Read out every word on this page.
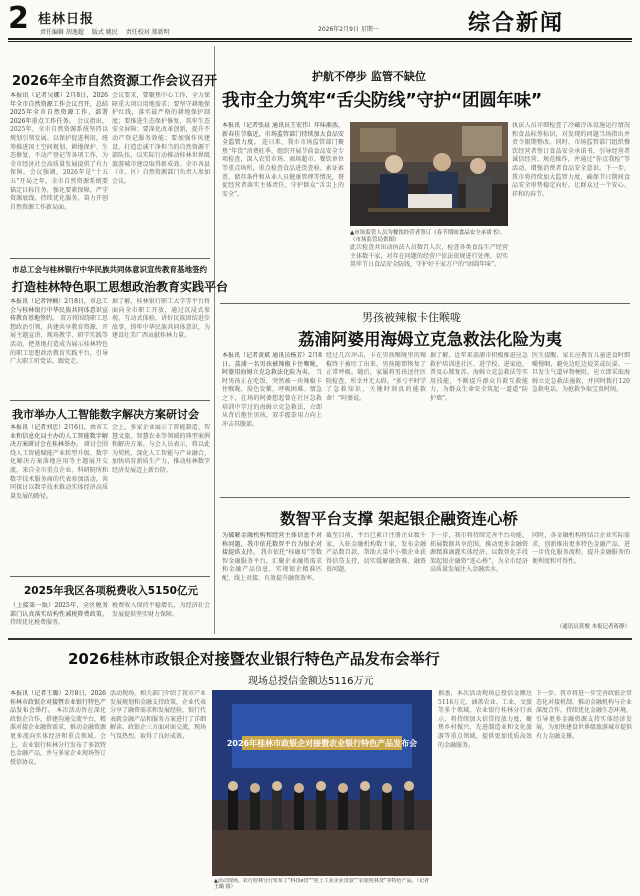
2 桂林日报
责任编辑 胡逸超 版式 姚民 责任校对 郑新明	2026年2月9日 星期一	综合新闻
2026年全市自然资源工作会议召开
本报讯（记者吴娜）2月8日，2026年全市自然资源工作会议召开，总结2025年全市自然资源工作，部署2026年重点工作任务。 会议指出，2025年，全市自然资源系统坚持以规划引领发展、以保护促进利用，统筹推进国土空间规划、耕地保护、生态修复、不动产登记等各项工作，为全市经济社会高质量发展提供了有力保障。会议强调，2026年是“十五五”开局之年，全市自然资源系统要锚定目标任务，强化要素保障，严守资源底线，持续优化服务，奋力开创自然资源工作新局面。
会议要求，要聚焦中心工作，全力保障重大项目用地需求；要坚守耕地保护红线，落实最严格的耕地保护制度；要推进生态保护修复，筑牢生态安全屏障；要深化改革创新，提升不动产登记服务效能；要加强作风建设，打造忠诚干净担当的自然资源干部队伍，以实际行动推动桂林世界级旅游城市建设取得新成效。全市各县（市、区）自然资源部门负责人参加会议。
市总工会与桂林银行中华民族共同体意识宣传教育基地签约
打造桂林特色职工思想政治教育实践平台
本报讯（记者钟楠）2月8日，市总工会与桂林银行中华民族共同体意识宣传教育基地签约。 双方将围绕职工思想政治引领，共建共享教育资源，开展主题宣讲、现场教学、研学实践等活动，把基地打造成为展示桂林特色的职工思想政治教育实践平台，引导广大职工听党话、跟党走。
据了解，桂林银行职工大学等平台将面向全市职工开放，通过沉浸式参观、互动式体验，讲好民族团结进步故事，铸牢中华民族共同体意识，为建设壮美广西贡献桂林力量。
我市举办人工智能数字解决方案研讨会
本报讯（记者刘忠）2月6日，由市工业和信息化局主办的人工智能数字解决方案研讨会在桂林举办。 研讨会围绕人工智能赋能产业转型升级、数字化解决方案落地应用等主题展开交流，来自全市重点企业、科研院所和数字技术服务商的代表参加活动，共同探讨以数字技术推动实体经济高质量发展的路径。
会上，多家企业展示了智能制造、智慧文旅、智慧农业等领域的典型案例和解决方案。与会人员表示，将以此为契机，深化人工智能与产业融合，加快培育新质生产力，推动桂林数字经济发展迈上新台阶。
2025年我区各项税费收入5150亿元
（上接第一版）2025年，全区税务部门认真落实结构性减税降费政策。 持续优化税费服务。
税费收入保持平稳增长，为经济社会发展提供坚实财力保障。
护航不停步 监管不缺位
我市全力筑牢“舌尖防线”守护“团圆年味”
本报讯（记者张晨 通讯员王宏伟）年味渐浓，新春佳节临近，市场监管部门持续加大食品安全监管力度。 连日来，我市市场监管部门聚焦“年货”消费旺季，组织开展节前食品安全专项检查，深入农贸市场、商场超市、餐饮单位等重点场所，重点检查食品进货查验、索证索票、储存条件和从业人员健康管理等情况，督促经营者落实主体责任，守护群众“舌尖上的安全”。
▲市场监管人员为餐饮经营者签订《春节期间食品安全承诺书》。（市场监管局供图）
执法人员详细检查了冷藏冷冻设施运行情况和食品标签标识，对发现的问题当场指出并责令限期整改。同时，市场监管部门组织餐饮经营者签订食品安全承诺书，引导经营者诚信经营、规范操作，并通过“你点我检”等活动，增强消费者食品安全意识。下一步，我市将持续加大监管力度，确保节日期间食品安全形势稳定向好，让群众过一个安心、祥和的春节。
此次检查共出动执法人员数百人次，检查各类食品生产经营主体数千家，对存在问题的经营户依法依规进行处理，切实筑牢节日食品安全防线，守护好千家万户的“团圆年味”。
男孩被辣椒卡住喉咙
荔浦阿婆用海姆立克急救法化险为夷
本报讯（记者黄斌 通讯员杨芳）2月8日，荔浦一名男孩被辣椒卡住喉咙，阿婆用海姆立克急救法化险为夷。 当时男孩正在吃饭，突然被一块辣椒卡住喉咙，脸色发紫，呼吸困难。情急之下，在场的阿婆想起曾在社区急救培训中学过的海姆立克急救法，立即从背后抱住男孩，双手握拳用力向上冲击其腹部。
经过几次冲击，卡在男孩喉咙里的辣椒终于被吐了出来，男孩随即恢复了正常呼吸。随后，家属将男孩送往医院检查，所幸并无大碍。“多亏平时学了急救知识，关键时刻真的能救命！”阿婆说。
据了解，近年来荔浦市积极推进应急救护培训进社区、进学校、进家庭，普及心肺复苏、海姆立克急救法等实用技能，不断提升群众自救互救能力，为群众生命安全筑起一道道“防护墙”。
医生提醒，家长应教育儿童进食时细嚼慢咽，避免边吃边说笑或玩耍。一旦发生气道异物梗阻，应立即采取海姆立克急救法施救，并同时拨打120急救电话，为抢救争取宝贵时间。
数智平台支撑 架起银企融资连心桥
为破解金融机构和经营主体信息不对称问题，我市依托数智平台为银企对接提供支持。 我市依托“桂融易”等数智金融服务平台，汇聚企业融资需求和金融产品信息，实现银企精准匹配、线上对接，有效提升融资效率。
截至目前，平台已累计注册企业数千家，入驻金融机构数十家，发布金融产品数百款，帮助大量中小微企业获得信贷支持，切实缓解融资难、融资贵问题。
下一步，我市将持续完善平台功能，拓展数据共享范围，推动更多金融资源精准滴灌实体经济，以数智化手段架起银企融资“连心桥”，为全市经济高质量发展注入金融活水。
同时，各金融机构将结合企业实际需求，创新推出更多特色金融产品，进一步优化服务流程，提升金融服务的便利度和可得性。
（通讯员黄俊 本报记者蒋静）
2026桂林市政银企对接暨农业银行特色产品发布会举行
现场总授信金额达5116万元
本报讯（记者王璐）2月8日，2026桂林市政银企对接暨农业银行特色产品发布会举行。 本次活动旨在深化政银企合作，搭建沟通交流平台，精准对接企业融资需求，推动金融资源更多流向实体经济和重点领域。会上，农业银行桂林分行发布了多款特色金融产品，并与多家企业现场签订授信协议。
活动现场，相关部门介绍了我市产业发展规划和金融支持政策，企业代表分享了融资需求和发展经验，银行代表就金融产品和服务方案进行了详细解读。政银企三方面对面交流，现场气氛热烈，取得了良好成效。
2026年桂林市政银企对接暨农业银行特色产品发布会
▲活动现场，农行桂林分行发布了“科技e贷”“桂上工业企业贷款”“农银桂林贷”等特色产品。（记者王璐 摄）
据悉，本次活动现场总授信金额达5116万元，涵盖农业、工业、文旅等多个领域。农业银行桂林分行表示，将持续加大信贷投放力度，聚焦乡村振兴、先进制造业和文化旅游等重点领域，提供更加优质高效的金融服务。
下一步，我市将进一步完善政银企常态化对接机制，推动金融机构与企业深度合作，持续优化金融生态环境，引导更多金融资源支持实体经济发展，为加快建设世界级旅游城市提供有力金融支撑。
